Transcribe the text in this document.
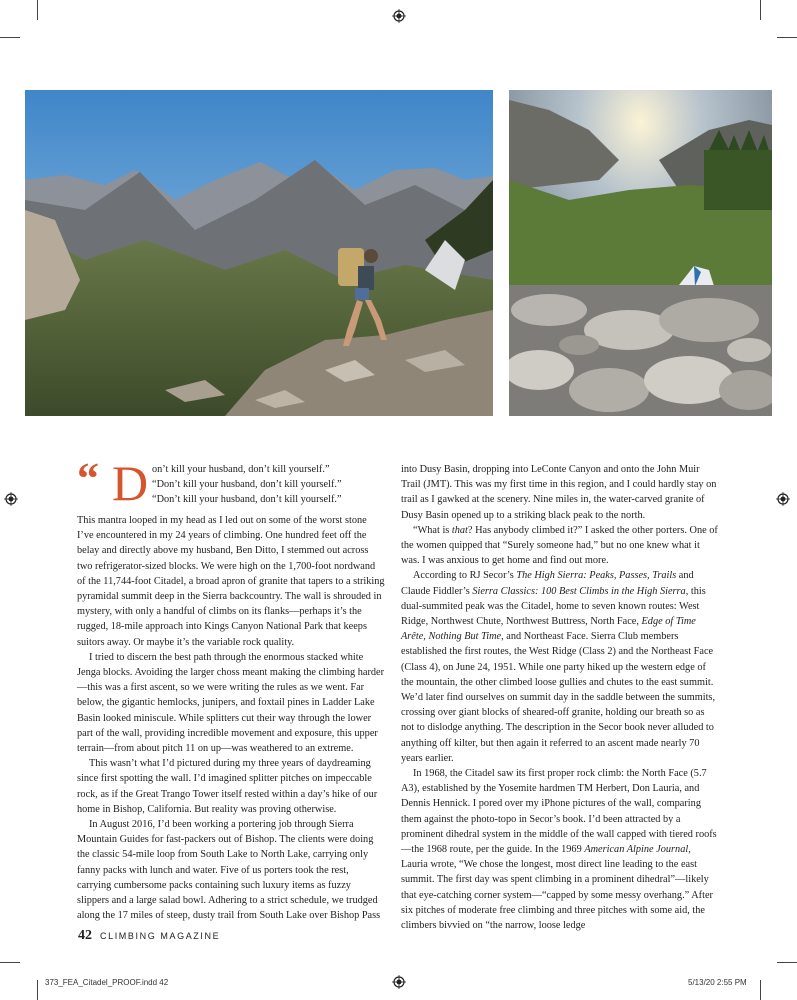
“ D on’t kill your husband, don’t kill yourself.”
“Don’t kill your husband, don’t kill yourself.”
“Don’t kill your husband, don’t kill yourself.”

This mantra looped in my head as I led out on some of the worst stone I’ve encountered in my 24 years of climbing. One hundred feet off the belay and directly above my husband, Ben Ditto, I stemmed out across two refrigerator-sized blocks. We were high on the 1,700-foot nordwand of the 11,744-foot Citadel, a broad apron of granite that tapers to a striking pyramidal summit deep in the Sierra backcountry. The wall is shrouded in mystery, with only a handful of climbs on its flanks—perhaps it’s the rugged, 18-mile approach into Kings Canyon National Park that keeps suitors away. Or maybe it’s the variable rock quality.

I tried to discern the best path through the enormous stacked white Jenga blocks. Avoiding the larger choss meant making the climbing harder—this was a first ascent, so we were writing the rules as we went. Far below, the gigantic hemlocks, junipers, and foxtail pines in Ladder Lake Basin looked miniscule. While splitters cut their way through the lower part of the wall, providing incredible movement and exposure, this upper terrain—from about pitch 11 on up—was weathered to an extreme.

This wasn’t what I’d pictured during my three years of daydreaming since first spotting the wall. I’d imagined splitter pitches on impeccable rock, as if the Great Trango Tower itself rested within a day’s hike of our home in Bishop, California. But reality was proving otherwise.

In August 2016, I’d been working a portering job through Sierra Mountain Guides for fast-packers out of Bishop. The clients were doing the classic 54-mile loop from South Lake to North Lake, carrying only fanny packs with lunch and water. Five of us porters took the rest, carrying cumbersome packs containing such luxury items as fuzzy slippers and a large salad bowl. Adhering to a strict schedule, we trudged along the 17 miles of steep, dusty trail from South Lake over Bishop Pass

into Dusy Basin, dropping into LeConte Canyon and onto the John Muir Trail (JMT). This was my first time in this region, and I could hardly stay on trail as I gawked at the scenery. Nine miles in, the water-carved granite of Dusy Basin opened up to a striking black peak to the north.

“What is that? Has anybody climbed it?” I asked the other porters. One of the women quipped that “Surely someone had,” but no one knew what it was. I was anxious to get home and find out more.

According to RJ Secor’s The High Sierra: Peaks, Passes, Trails and Claude Fiddler’s Sierra Classics: 100 Best Climbs in the High Sierra, this dual-summited peak was the Citadel, home to seven known routes: West Ridge, Northwest Chute, Northwest Buttress, North Face, Edge of Time Arête, Nothing But Time, and Northeast Face. Sierra Club members established the first routes, the West Ridge (Class 2) and the Northeast Face (Class 4), on June 24, 1951. While one party hiked up the western edge of the mountain, the other climbed loose gullies and chutes to the east summit. We’d later find ourselves on summit day in the saddle between the summits, crossing over giant blocks of sheared-off granite, holding our breath so as not to dislodge anything. The description in the Secor book never alluded to anything off kilter, but then again it referred to an ascent made nearly 70 years earlier.

In 1968, the Citadel saw its first proper rock climb: the North Face (5.7 A3), established by the Yosemite hardmen TM Herbert, Don Lauria, and Dennis Hennick. I pored over my iPhone pictures of the wall, comparing them against the photo-topo in Secor’s book. I’d been attracted by a prominent dihedral system in the middle of the wall capped with tiered roofs—the 1968 route, per the guide. In the 1969 American Alpine Journal, Lauria wrote, “We chose the longest, most direct line leading to the east summit. The first day was spent climbing in a prominent dihedral”—likely that eye-catching corner system—“capped by some messy overhang.” After six pitches of moderate free climbing and three pitches with some aid, the climbers bivvied on “the narrow, loose ledge

42 CLIMBING MAGAZINE
373_FEA_Citadel_PROOF.indd 42	5/13/20 2:55 PM
